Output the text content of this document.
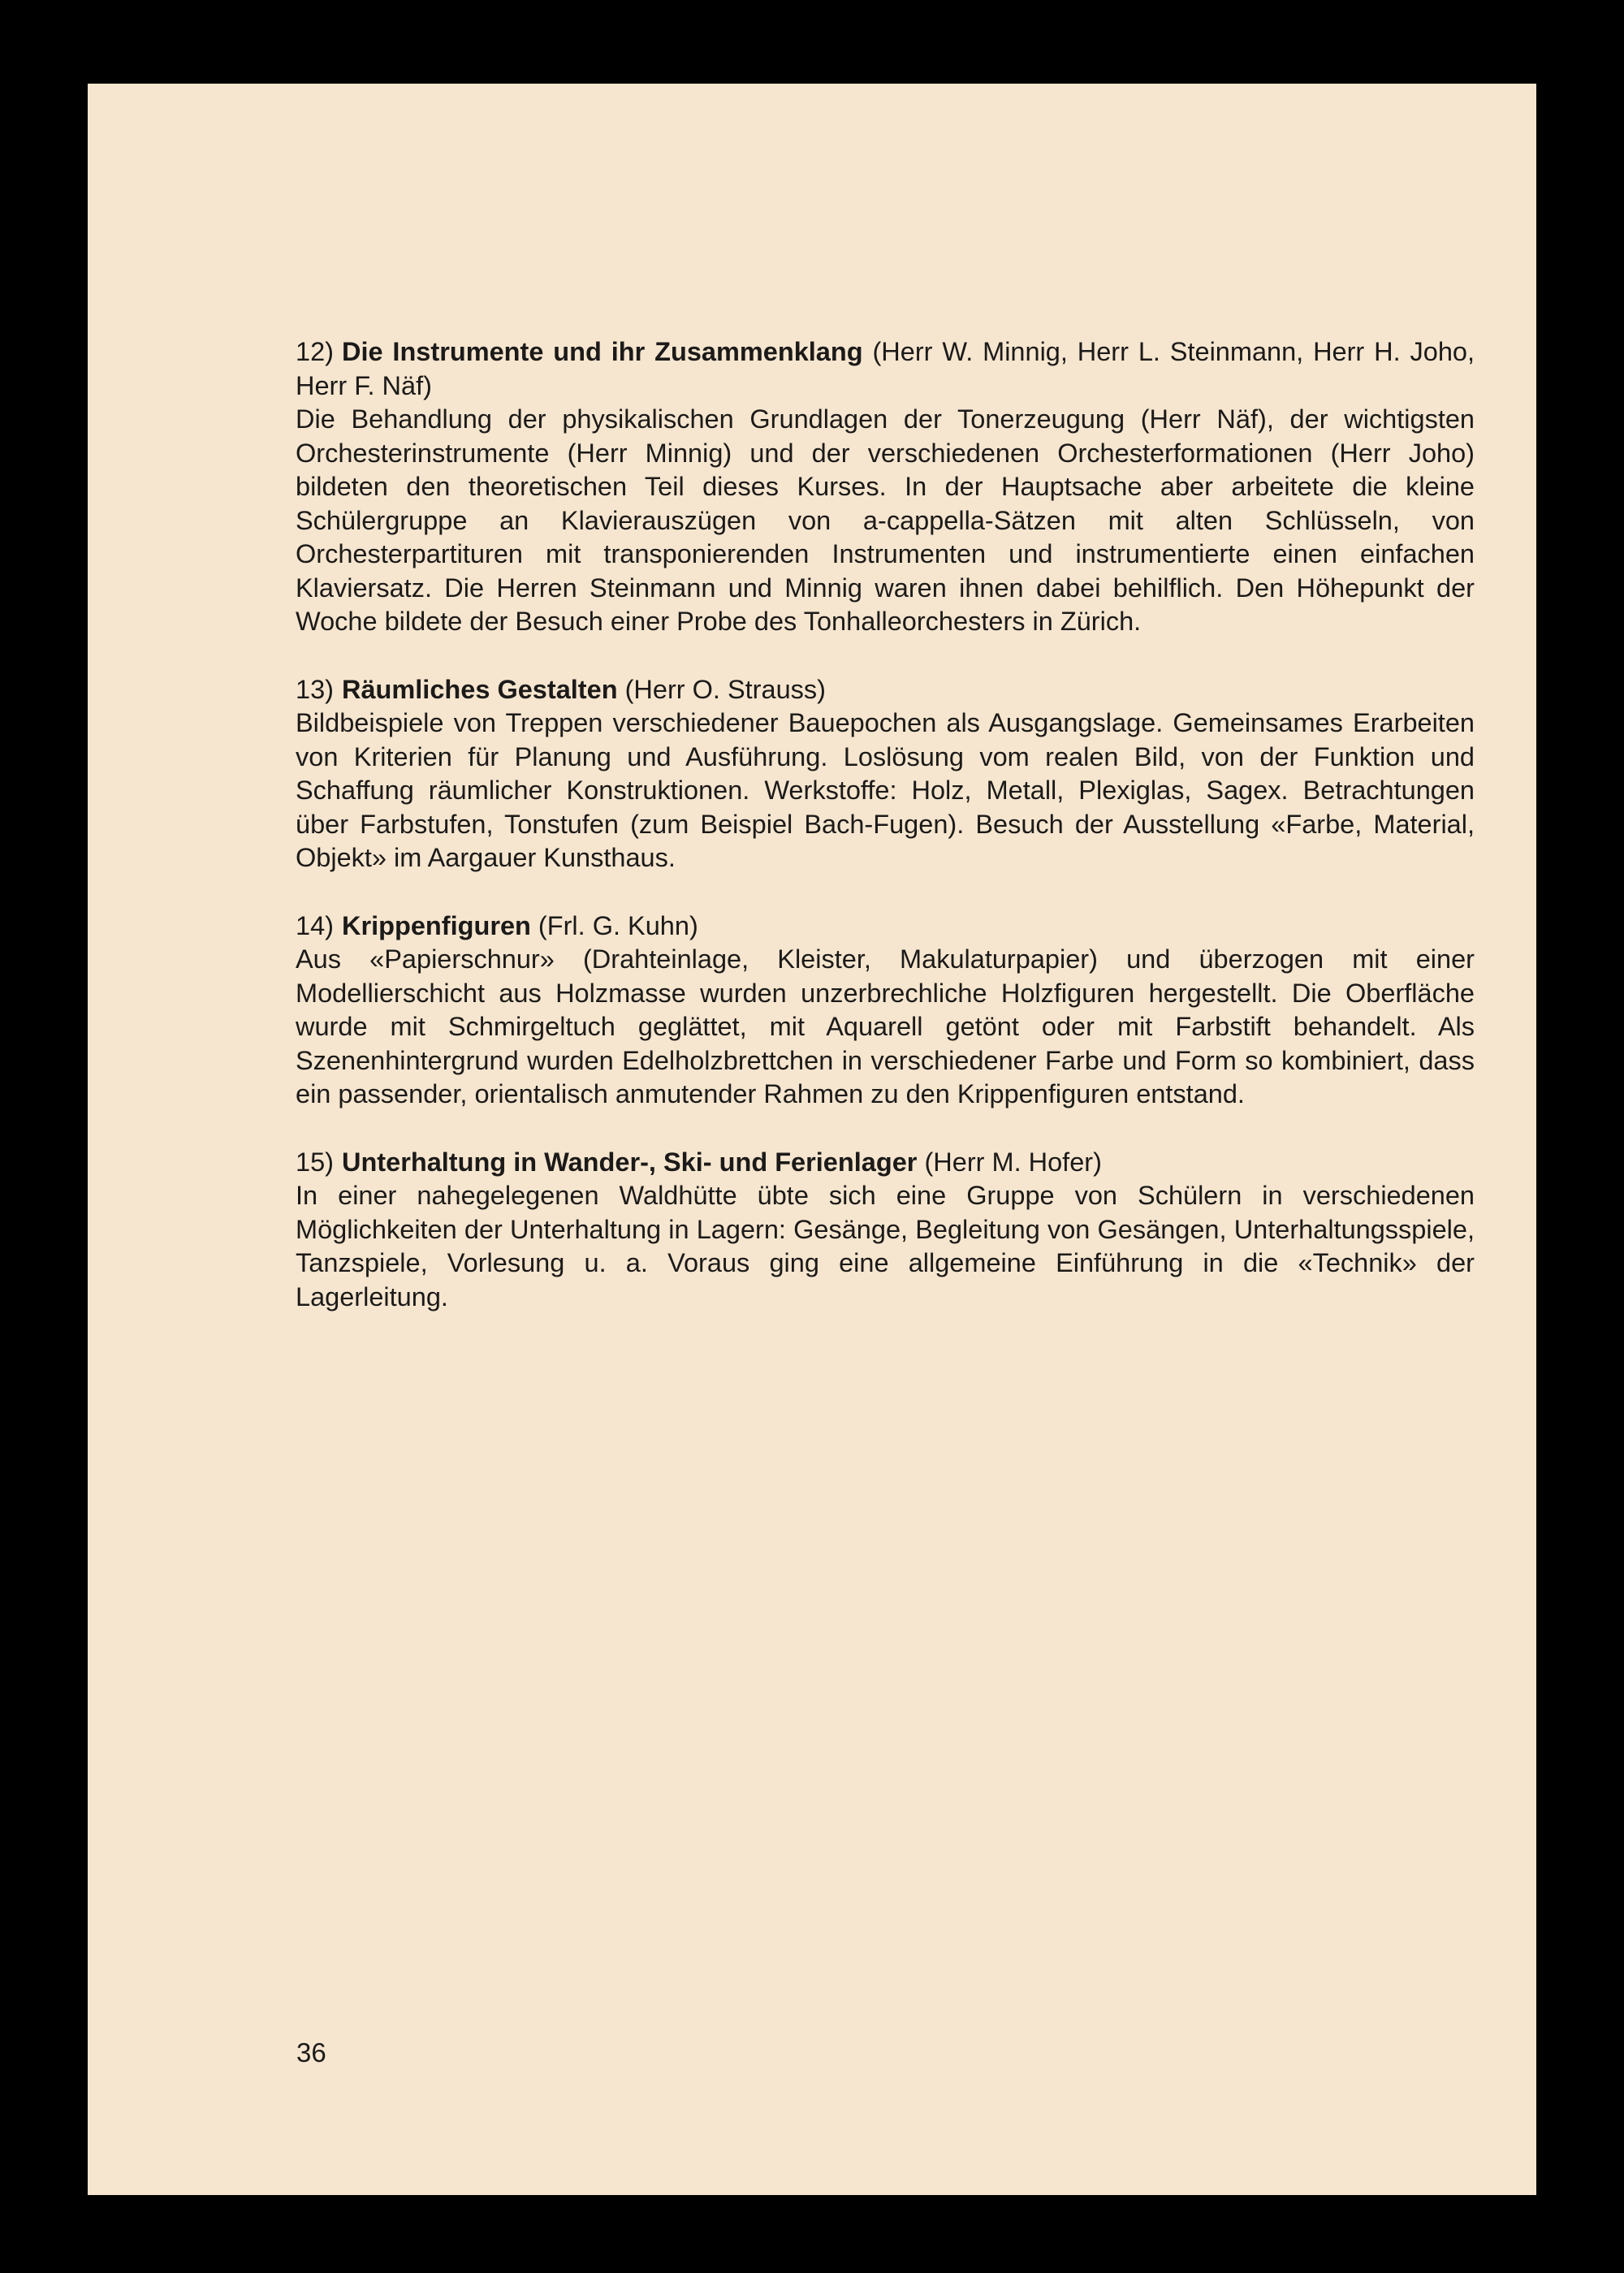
12) Die Instrumente und ihr Zusammenklang (Herr W. Minnig, Herr L. Steinmann, Herr H. Joho, Herr F. Näf)

Die Behandlung der physikalischen Grundlagen der Tonerzeugung (Herr Näf), der wichtigsten Orchesterinstrumente (Herr Minnig) und der verschiedenen Orchesterformationen (Herr Joho) bildeten den theoretischen Teil dieses Kurses. In der Hauptsache aber arbeitete die kleine Schülergruppe an Klavierauszügen von a-cappella-Sätzen mit alten Schlüsseln, von Orchesterpartituren mit transponierenden Instrumenten und instrumentierte einen einfachen Klaviersatz. Die Herren Steinmann und Minnig waren ihnen dabei behilflich. Den Höhepunkt der Woche bildete der Besuch einer Probe des Tonhalleorchesters in Zürich.

13) Räumliches Gestalten (Herr O. Strauss)

Bildbeispiele von Treppen verschiedener Bauepochen als Ausgangslage. Gemeinsames Erarbeiten von Kriterien für Planung und Ausführung. Loslösung vom realen Bild, von der Funktion und Schaffung räumlicher Konstruktionen. Werkstoffe: Holz, Metall, Plexiglas, Sagex. Betrachtungen über Farbstufen, Tonstufen (zum Beispiel Bach-Fugen). Besuch der Ausstellung «Farbe, Material, Objekt» im Aargauer Kunsthaus.

14) Krippenfiguren (Frl. G. Kuhn)

Aus «Papierschnur» (Drahteinlage, Kleister, Makulaturpapier) und überzogen mit einer Modellierschicht aus Holzmasse wurden unzerbrechliche Holzfiguren hergestellt. Die Oberfläche wurde mit Schmirgeltuch geglättet, mit Aquarell getönt oder mit Farbstift behandelt. Als Szenenhintergrund wurden Edelholzbrettchen in verschiedener Farbe und Form so kombiniert, dass ein passender, orientalisch anmutender Rahmen zu den Krippenfiguren entstand.

15) Unterhaltung in Wander-, Ski- und Ferienlager (Herr M. Hofer)

In einer nahegelegenen Waldhütte übte sich eine Gruppe von Schülern in verschiedenen Möglichkeiten der Unterhaltung in Lagern: Gesänge, Begleitung von Gesängen, Unterhaltungsspiele, Tanzspiele, Vorlesung u. a. Voraus ging eine allgemeine Einführung in die «Technik» der Lagerleitung.

36
